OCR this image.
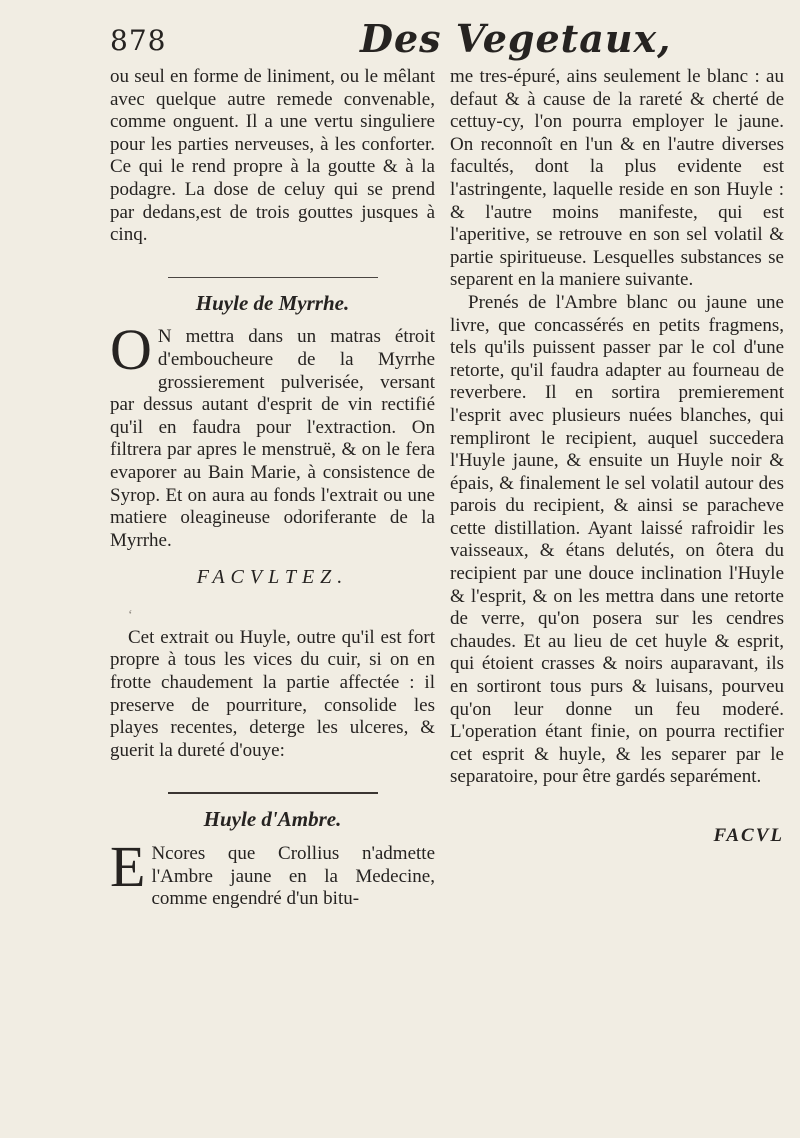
878	Des Vegetaux,

ou seul en forme de liniment, ou le mêlant avec quelque autre remede convenable, comme onguent. Il a une vertu singuliere pour les parties nerveuses, à les conforter. Ce qui le rend propre à la goutte & à la podagre. La dose de celuy qui se prend par dedans,est de trois gouttes jusques à cinq.

Huyle de Myrrhe.

O N mettra dans un matras étroit d'emboucheure de la Myrrhe grossierement pulverisée, versant par dessus autant d'esprit de vin rectifié qu'il en faudra pour l'extraction. On filtrera par apres le menstruë, & on le fera evaporer au Bain Marie, à consistence de Syrop. Et on aura au fonds l'extrait ou une matiere oleagineuse odoriferante de la Myrrhe.

FACVLTEZ.
‘

Cet extrait ou Huyle, outre qu'il est fort propre à tous les vices du cuir, si on en frotte chaudement la partie affectée : il preserve de pourriture, consolide les playes recentes, deterge les ulceres, & guerit la dureté d'ouye:

Huyle d'Ambre.

E Ncores que Crollius n'admette l'Ambre jaune en la Medecine, comme engendré d'un bitu-

me tres-épuré, ains seulement le blanc : au defaut & à cause de la rareté & cherté de cettuy-cy, l'on pourra employer le jaune. On reconnoît en l'un & en l'autre diverses facultés, dont la plus evidente est l'astringente, laquelle reside en son Huyle : & l'autre moins manifeste, qui est l'aperitive, se retrouve en son sel volatil & partie spiritueuse. Lesquelles substances se separent en la maniere suivante.

Prenés de l'Ambre blanc ou jaune une livre, que concassérés en petits fragmens, tels qu'ils puissent passer par le col d'une retorte, qu'il faudra adapter au fourneau de reverbere. Il en sortira premierement l'esprit avec plusieurs nuées blanches, qui rempliront le recipient, auquel succedera l'Huyle jaune, & ensuite un Huyle noir & épais, & finalement le sel volatil autour des parois du recipient, & ainsi se paracheve cette distillation. Ayant laissé rafroidir les vaisseaux, & étans delutés, on ôtera du recipient par une douce inclination l'Huyle & l'esprit, & on les mettra dans une retorte de verre, qu'on posera sur les cendres chaudes. Et au lieu de cet huyle & esprit, qui étoient crasses & noirs auparavant, ils en sortiront tous purs & luisans, pourveu qu'on leur donne un feu moderé. L'operation étant finie, on pourra rectifier cet esprit & huyle, & les separer par le separatoire, pour être gardés separément.

FACVL
